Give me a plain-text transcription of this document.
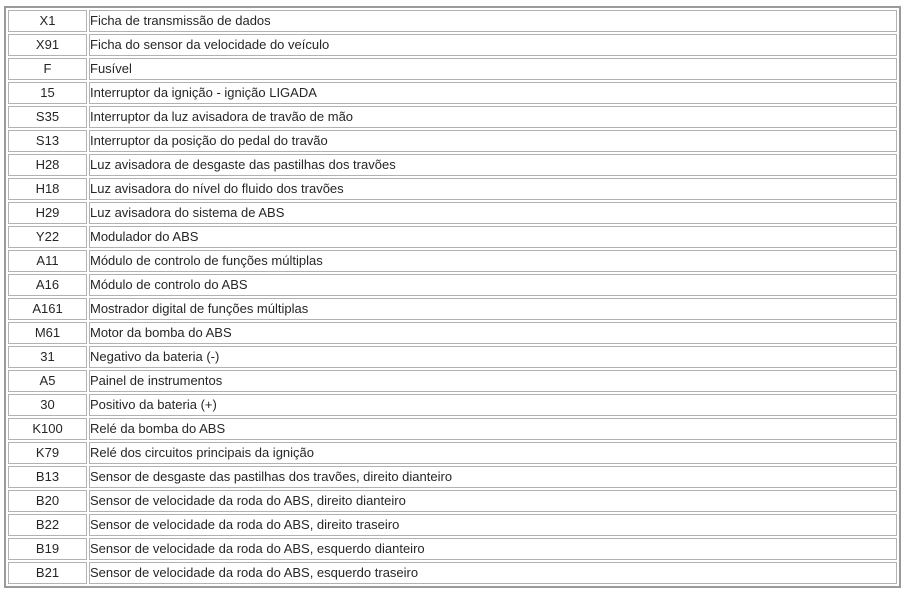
X1	Ficha de transmissão de dados
X91	Ficha do sensor da velocidade do veículo
F	Fusível
15	Interruptor da ignição - ignição LIGADA
S35	Interruptor da luz avisadora de travão de mão
S13	Interruptor da posição do pedal do travão
H28	Luz avisadora de desgaste das pastilhas dos travões
H18	Luz avisadora do nível do fluido dos travões
H29	Luz avisadora do sistema de ABS
Y22	Modulador do ABS
A11	Módulo de controlo de funções múltiplas
A16	Módulo de controlo do ABS
A161	Mostrador digital de funções múltiplas
M61	Motor da bomba do ABS
31	Negativo da bateria (-)
A5	Painel de instrumentos
30	Positivo da bateria (+)
K100	Relé da bomba do ABS
K79	Relé dos circuitos principais da ignição
B13	Sensor de desgaste das pastilhas dos travões, direito dianteiro
B20	Sensor de velocidade da roda do ABS, direito dianteiro
B22	Sensor de velocidade da roda do ABS, direito traseiro
B19	Sensor de velocidade da roda do ABS, esquerdo dianteiro
B21	Sensor de velocidade da roda do ABS, esquerdo traseiro
